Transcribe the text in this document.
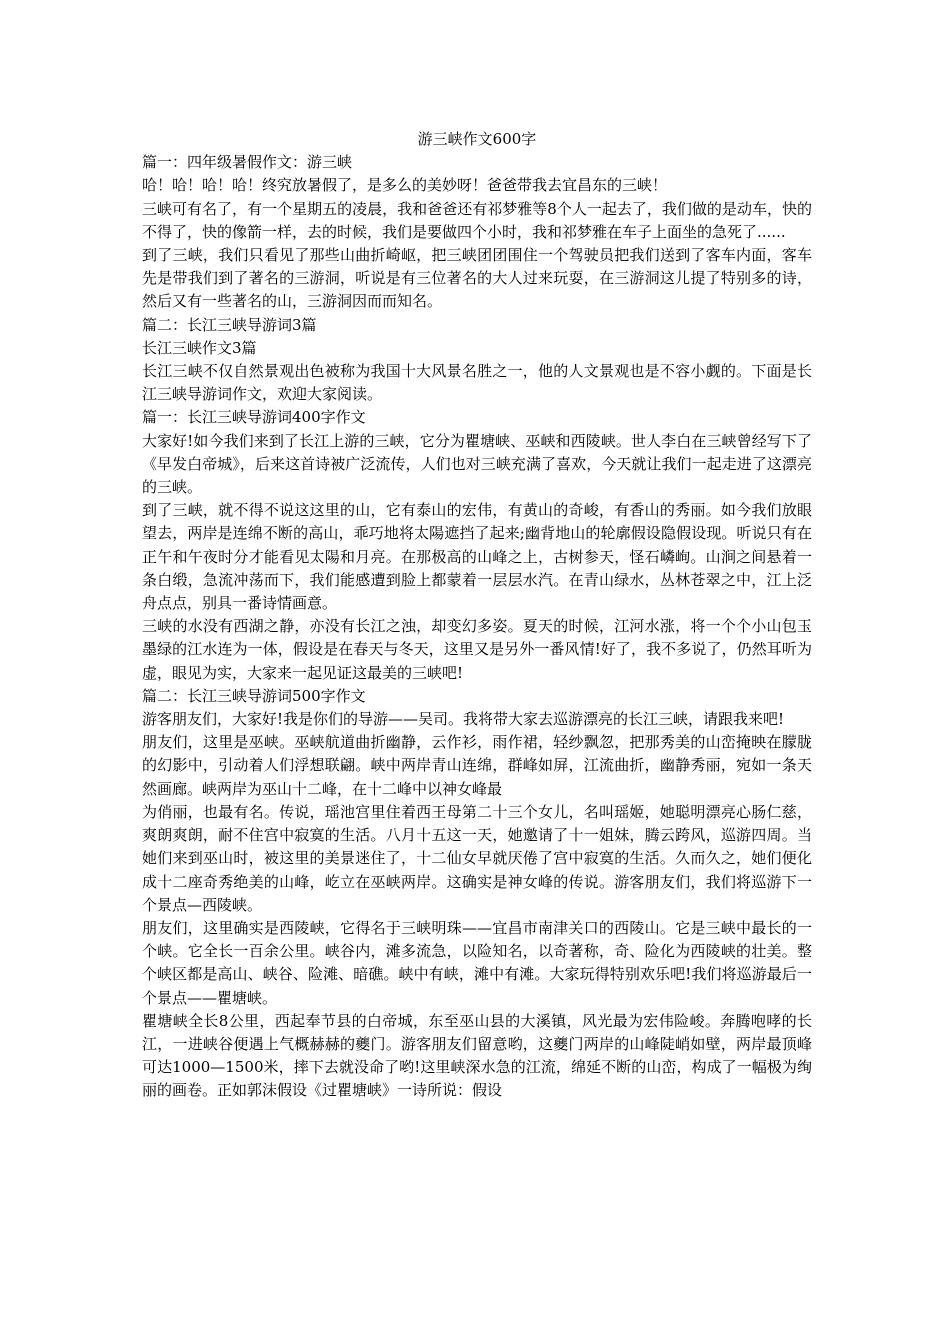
游三峡作文600字

篇一：四年级暑假作文：游三峡

哈！哈！哈！哈！终究放暑假了，是多么的美妙呀！爸爸带我去宜昌东的三峡！

三峡可有名了，有一个星期五的凌晨，我和爸爸还有祁梦雅等8个人一起去了，我们做的是动车，快的不得了，快的像箭一样，去的时候，我们是要做四个小时，我和祁梦雅在车子上面坐的急死了......

到了三峡，我们只看见了那些山曲折崎岖，把三峡团团围住一个驾驶员把我们送到了客车内面，客车先是带我们到了著名的三游洞，听说是有三位著名的大人过来玩耍，在三游洞这儿提了特别多的诗，然后又有一些著名的山，三游洞因而而知名。

篇二：长江三峡导游词3篇

长江三峡作文3篇

长江三峡不仅自然景观出色被称为我国十大风景名胜之一，他的人文景观也是不容小觑的。下面是长江三峡导游词作文，欢迎大家阅读。

篇一：长江三峡导游词400字作文

大家好!如今我们来到了长江上游的三峡，它分为瞿塘峡、巫峡和西陵峡。世人李白在三峡曾经写下了《早发白帝城》，后来这首诗被广泛流传，人们也对三峡充满了喜欢，今天就让我们一起走进了这漂亮的三峡。

到了三峡，就不得不说这这里的山，它有泰山的宏伟，有黄山的奇峻，有香山的秀丽。如今我们放眼望去，两岸是连绵不断的高山，乖巧地将太陽遮挡了起来;幽背地山的轮廓假设隐假设现。听说只有在正午和午夜时分才能看见太陽和月亮。在那极高的山峰之上，古树参天，怪石嶙峋。山涧之间悬着一条白缎，急流冲荡而下，我们能感遭到脸上都蒙着一层层水汽。在青山绿水，丛林苍翠之中，江上泛舟点点，别具一番诗情画意。

三峡的水没有西湖之静，亦没有长江之浊，却变幻多姿。夏天的时候，江河水涨，将一个个小山包玉墨绿的江水连为一体，假设是在春天与冬天，这里又是另外一番风情!好了，我不多说了，仍然耳听为虚，眼见为实，大家来一起见证这最美的三峡吧!

篇二：长江三峡导游词500字作文

游客朋友们，大家好!我是你们的导游——吴司。我将带大家去巡游漂亮的长江三峡，请跟我来吧!

朋友们，这里是巫峡。巫峡航道曲折幽静，云作衫，雨作裙，轻纱飘忽，把那秀美的山峦掩映在朦胧的幻影中，引动着人们浮想联翩。峡中两岸青山连绵，群峰如屏，江流曲折，幽静秀丽，宛如一条天然画廊。峡两岸为巫山十二峰，在十二峰中以神女峰最

为俏丽，也最有名。传说，瑶池宫里住着西王母第二十三个女儿，名叫瑶姬，她聪明漂亮心肠仁慈，爽朗爽朗，耐不住宫中寂寞的生活。八月十五这一天，她邀请了十一姐妹，腾云跨风，巡游四周。当她们来到巫山时，被这里的美景迷住了，十二仙女早就厌倦了宫中寂寞的生活。久而久之，她们便化成十二座奇秀绝美的山峰，屹立在巫峡两岸。这确实是神女峰的传说。游客朋友们，我们将巡游下一个景点—西陵峡。

朋友们，这里确实是西陵峡，它得名于三峡明珠——宜昌市南津关口的西陵山。它是三峡中最长的一个峡。它全长一百余公里。峡谷内，滩多流急，以险知名，以奇著称，奇、险化为西陵峡的壮美。整个峡区都是高山、峡谷、险滩、暗礁。峡中有峡，滩中有滩。大家玩得特别欢乐吧!我们将巡游最后一个景点——瞿塘峡。

瞿塘峡全长8公里，西起奉节县的白帝城，东至巫山县的大溪镇，风光最为宏伟险峻。奔腾咆哮的长江，一进峡谷便遇上气概赫赫的夔门。游客朋友们留意哟，这夔门两岸的山峰陡峭如壁，两岸最顶峰可达1000—1500米，摔下去就没命了哟!这里峡深水急的江流，绵延不断的山峦，构成了一幅极为绚丽的画卷。正如郭沫假设《过瞿塘峡》一诗所说：假设
